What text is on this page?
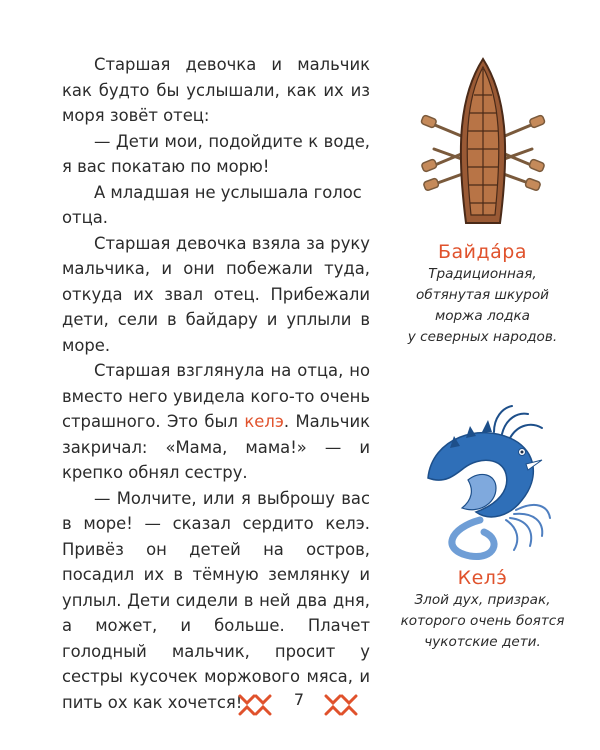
Старшая девочка и мальчик как будто бы услышали, как их из моря зовёт отец:

— Дети мои, подойдите к воде, я вас покатаю по морю!

А младшая не услышала голос отца.

Старшая девочка взяла за руку мальчика, и они побежали туда, откуда их звал отец. Прибежали дети, сели в байдару и уплыли в море.

Старшая взглянула на отца, но вместо него увидела кого-то очень страшного. Это был келэ. Мальчик закричал: «Мама, мама!» — и крепко обнял сестру.

— Молчите, или я выброшу вас в море! — сказал сердито келэ. Привёз он детей на остров, посадил их в тёмную землянку и уплыл. Дети сидели в ней два дня, а может, и больше. Плачет голодный мальчик, просит у сестры кусочек моржового мяса, и пить ох как хочется!

Байда́ра
Традиционная,
обтянутая шкурой
моржа лодка
у северных народов.
Келэ́
Злой дух, призрак,
которого очень боятся
чукотские дети.
7
